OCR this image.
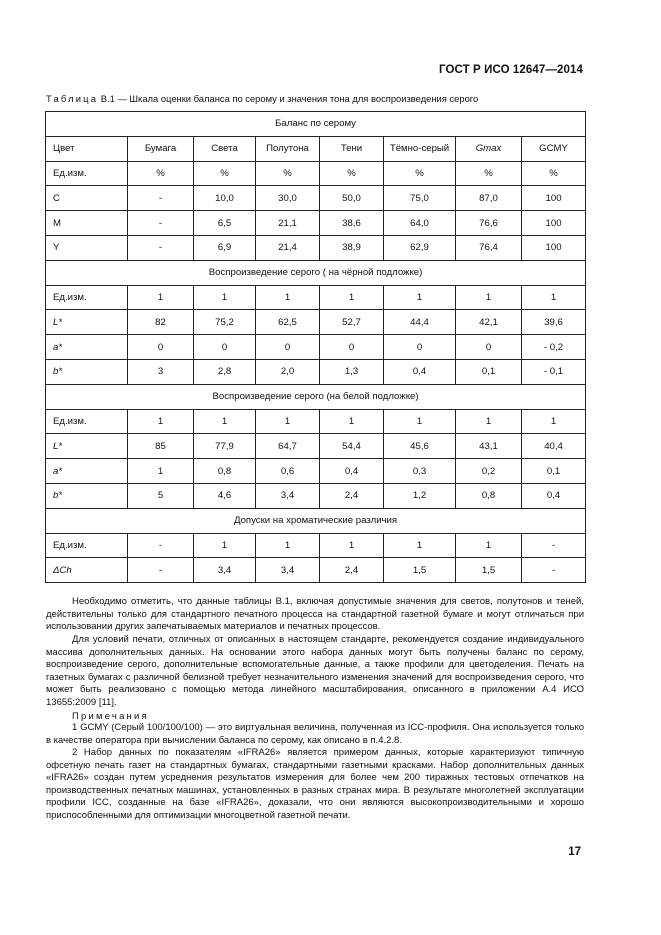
ГОСТ Р ИСО 12647—2014
Таблица В.1 — Шкала оценки баланса по серому и значения тона для воспроизведения серого
Баланс по серому							
Цвет	Бумага	Света	Полутона	Тени	Тёмно-серый	Gmax	GCMY
Ед.изм.	%	%	%	%	%	%	%
C	-	10,0	30,0	50,0	75,0	87,0	100
M	-	6,5	21,1	38,6	64,0	76,6	100
Y	-	6,9	21,4	38,9	62,9	76,4	100
Воспроизведение серого ( на чёрной подложке)							
Ед.изм.	1	1	1	1	1	1	1
L*	82	75,2	62,5	52,7	44,4	42,1	39,6
a*	0	0	0	0	0	0	- 0,2
b*	3	2,8	2,0	1,3	0,4	0,1	- 0,1
Воспроизведение серого (на белой подложке)							
Ед.изм.	1	1	1	1	1	1	1
L*	85	77,9	64,7	54,4	45,6	43,1	40,4
a*	1	0,8	0,6	0,4	0,3	0,2	0,1
b*	5	4,6	3,4	2,4	1,2	0,8	0,4
Допуски на хроматические различия							
Ед.изм.	-	1	1	1	1	1	-
ΔCh	-	3,4	3,4	2,4	1,5	1,5	-
Необходимо отметить, что данные таблицы В.1, включая допустимые значения для светов, полутонов и теней, действительны только для стандартного печатного процесса на стандартной газетной бумаге и могут отличаться при использовании других запечатываемых материалов и печатных процессов.
Для условий печати, отличных от описанных в настоящем стандарте, рекомендуется создание индивидуального массива дополнительных данных. На основании этого набора данных могут быть получены баланс по серому, воспроизведение серого, дополнительные вспомогательные данные, а также профили для цветоделения. Печать на газетных бумагах с различной белизной требует незначительного изменения значений для воспроизведения серого, что может быть реализовано с помощью метода линейного масштабирования, описанного в приложении А.4 ИСО 13655:2009 [11].
Примечания
1 GCMY (Серый 100/100/100) — это виртуальная величина, полученная из ICC-профиля. Она используется только в качестве оператора при вычислении баланса по серому, как описано в п.4.2.8.
2 Набор данных по показателям «IFRA26» является примером данных, которые характеризуют типичную офсетную печать газет на стандартных бумагах, стандартными газетными красками. Набор дополнительных данных «IFRA26» создан путем усреднения результатов измерения для более чем 200 тиражных тестовых отпечатков на производственных печатных машинах, установленных в разных странах мира. В результате многолетней эксплуатации профили ICC, созданные на базе «IFRA26», доказали, что они являются высокопроизводительными и хорошо приспособленными для оптимизации многоцветной газетной печати.
17
